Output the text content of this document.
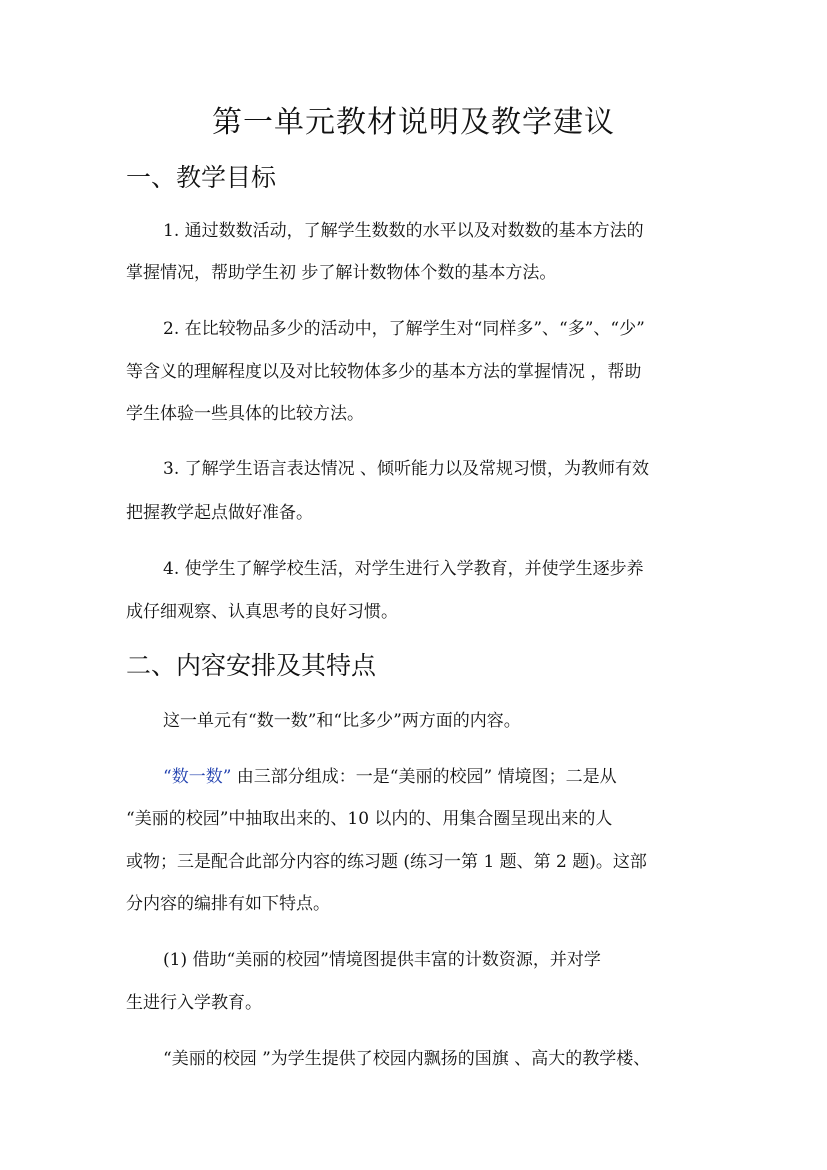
第一单元教材说明及教学建议
一、教学目标
1. 通过数数活动，了解学生数数的水平以及对数数的基本方法的
掌握情况，帮助学生初 步了解计数物体个数的基本方法。
2. 在比较物品多少的活动中，了解学生对“同样多”、“多”、“少”
等含义的理解程度以及对比较物体多少的基本方法的掌握情况 ，帮助
学生体验一些具体的比较方法。
3. 了解学生语言表达情况 、倾听能力以及常规习惯，为教师有效
把握教学起点做好准备。
4. 使学生了解学校生活，对学生进行入学教育，并使学生逐步养
成仔细观察、认真思考的良好习惯。
二、内容安排及其特点
这一单元有“数一数”和“比多少”两方面的内容。
“数一数” 由三部分组成：一是“美丽的校园” 情境图；二是从
“美丽的校园”中抽取出来的、10 以内的、用集合圈呈现出来的人
或物；三是配合此部分内容的练习题 (练习一第 1 题、第 2 题)。这部
分内容的编排有如下特点。
(1) 借助“美丽的校园”情境图提供丰富的计数资源，并对学
生进行入学教育。
“美丽的校园 ”为学生提供了校园内飘扬的国旗 、高大的教学楼、
